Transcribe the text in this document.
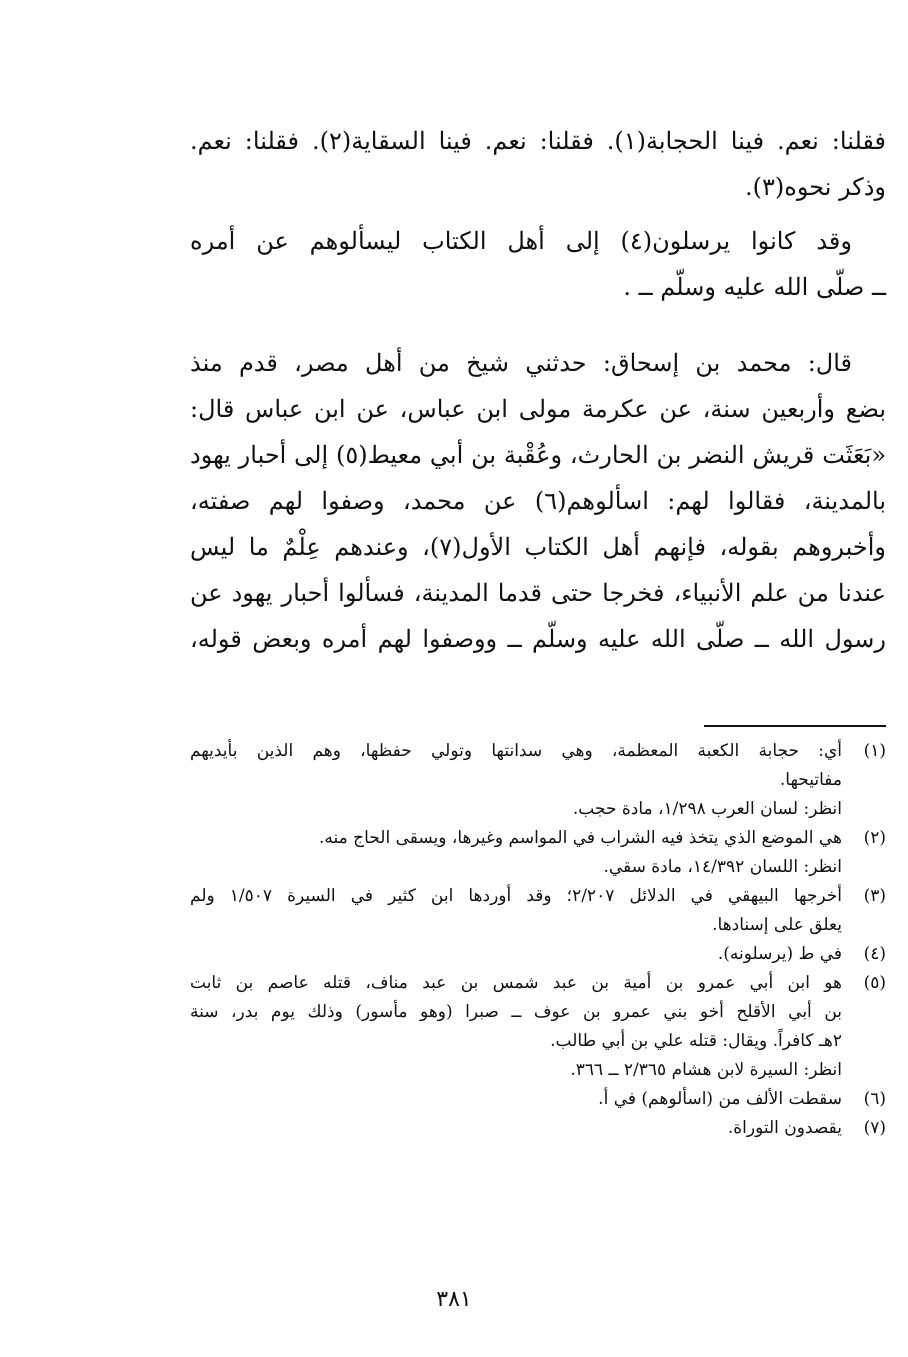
فقلنا: نعم. فينا الحجابة(١). فقلنا: نعم. فينا السقاية(٢). فقلنا: نعم.
وذكر نحوه(٣).

وقد كانوا يرسلون(٤) إلى أهل الكتاب ليسألوهم عن أمره
ــ صلّى الله عليه وسلّم ــ .

قال: محمد بن إسحاق: حدثني شيخ من أهل مصر، قدم منذ
بضع وأربعين سنة، عن عكرمة مولى ابن عباس، عن ابن عباس قال:
«بَعَثَت قريش النضر بن الحارث، وعُقْبة بن أبي معيط(٥) إلى أحبار يهود
بالمدينة، فقالوا لهم: اسألوهم(٦) عن محمد، وصفوا لهم صفته،
وأخبروهم بقوله، فإنهم أهل الكتاب الأول(٧)، وعندهم عِلْمٌ ما ليس
عندنا من علم الأنبياء، فخرجا حتى قدما المدينة، فسألوا أحبار يهود عن
رسول الله ــ صلّى الله عليه وسلّم ــ ووصفوا لهم أمره وبعض قوله،

(١)
أي: حجابة الكعبة المعظمة، وهي سدانتها وتولي حفظها، وهم الذين بأيديهم
مفاتيحها.
انظر: لسان العرب ١/٢٩٨، مادة حجب.
(٢)
هي الموضع الذي يتخذ فيه الشراب في المواسم وغيرها، ويسقى الحاج منه.
انظر: اللسان ١٤/٣٩٢، مادة سقي.
(٣)
أخرجها البيهقي في الدلائل ٢/٢٠٧؛ وقد أوردها ابن كثير في السيرة ١/٥٠٧ ولم
يعلق على إسنادها.
(٤)
في ط (يرسلونه).
(٥)
هو ابن أبي عمرو بن أمية بن عبد شمس بن عبد مناف، قتله عاصم بن ثابت
بن أبي الأقلح أخو بني عمرو بن عوف ــ صبرا (وهو مأسور) وذلك يوم بدر، سنة
٢هـ كافراً. ويقال: قتله علي بن أبي طالب.
انظر: السيرة لابن هشام ٢/٣٦٥ ــ ٣٦٦.
(٦)
سقطت الألف من (اسألوهم) في أ.
(٧)
يقصدون التوراة.
٣٨١
